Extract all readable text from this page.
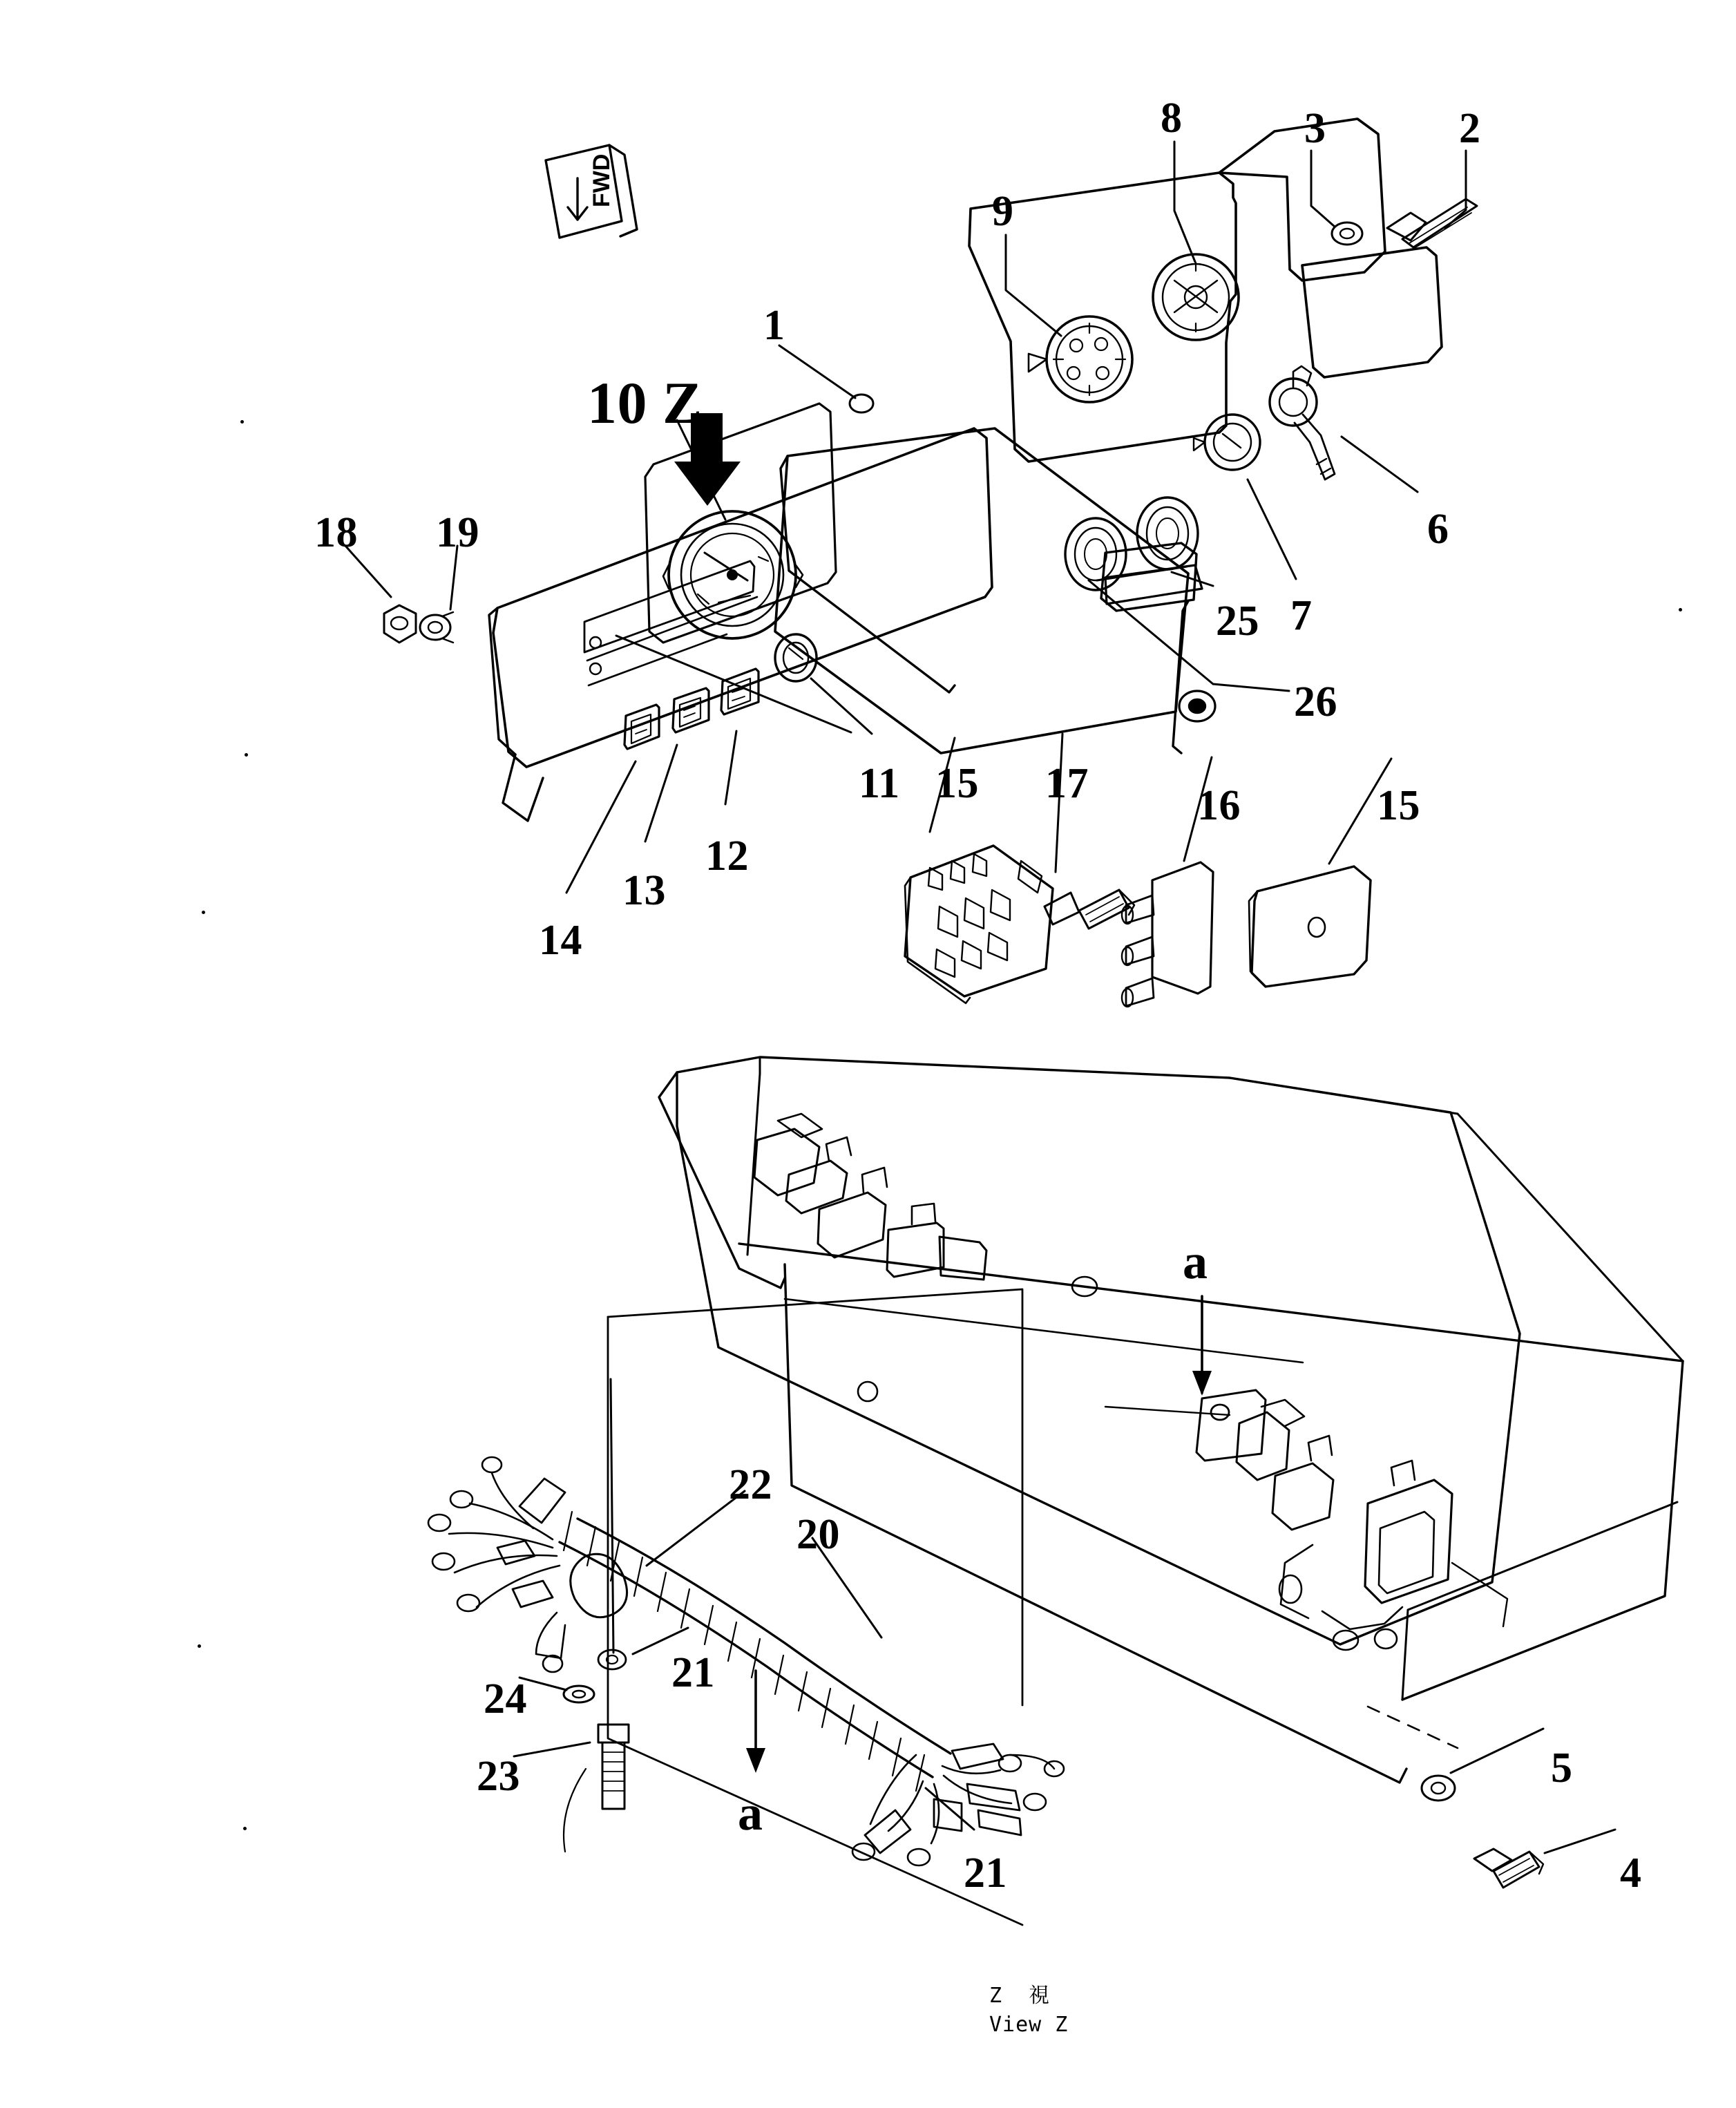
FWD
10 Z
a
a
1
2
3
4
5
6
7
8
9
11
12
13
14
15	15
16
17
18 19
20
21
21
22
23
24
25
26
Z  視
View Z
